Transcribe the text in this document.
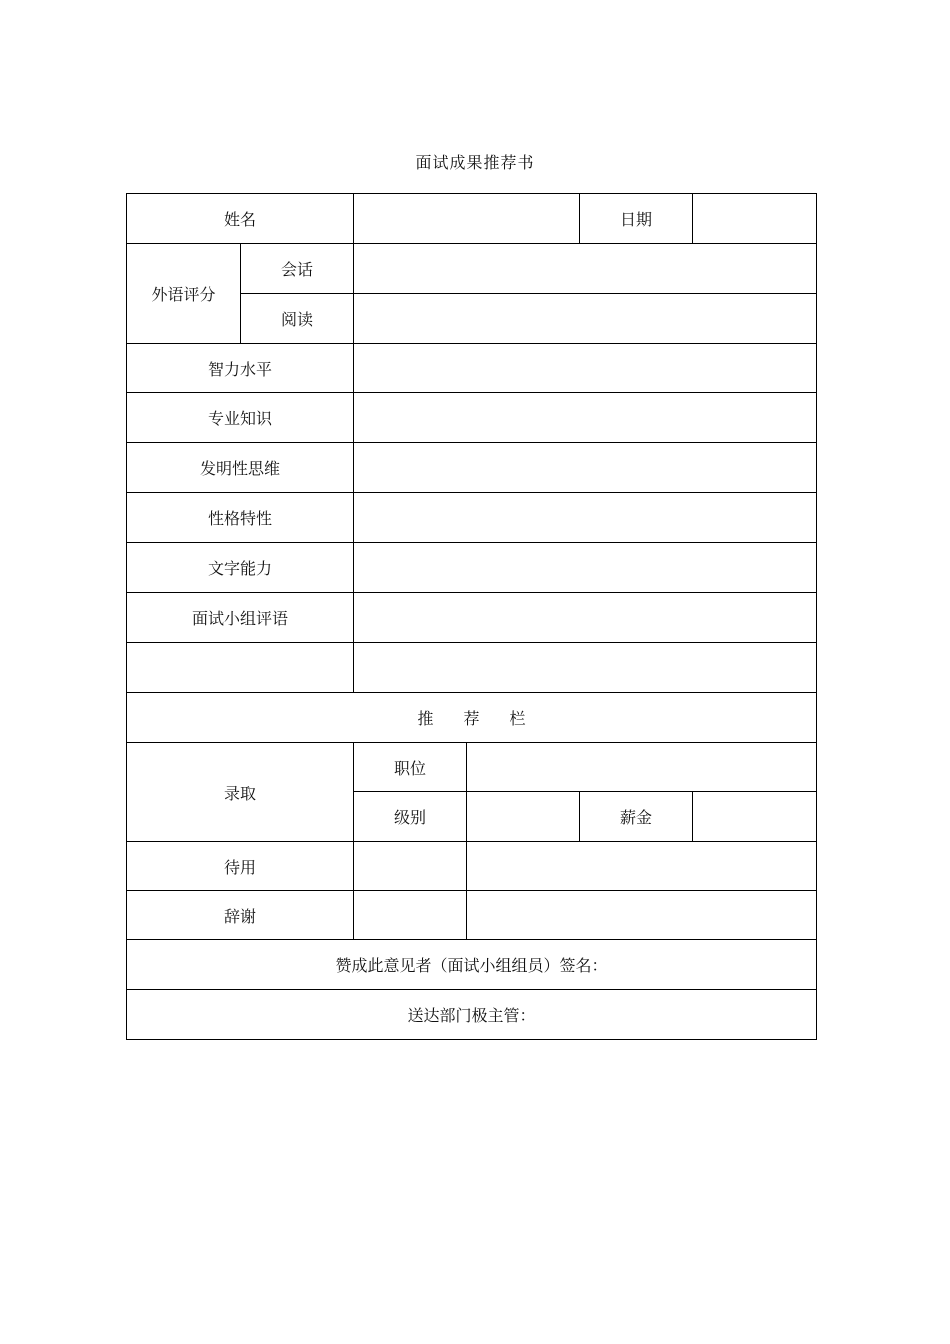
面试成果推荐书
姓名				日期	
外语评分	会话				
	阅读				
智力水平					
专业知识					
发明性思维					
性格特性					
文字能力					
面试小组评语					

推 荐 栏					
录取		职位			
		级别		薪金	
待用					
辞谢					
赞成此意见者（面试小组组员）签名：					
送达部门极主管：					
